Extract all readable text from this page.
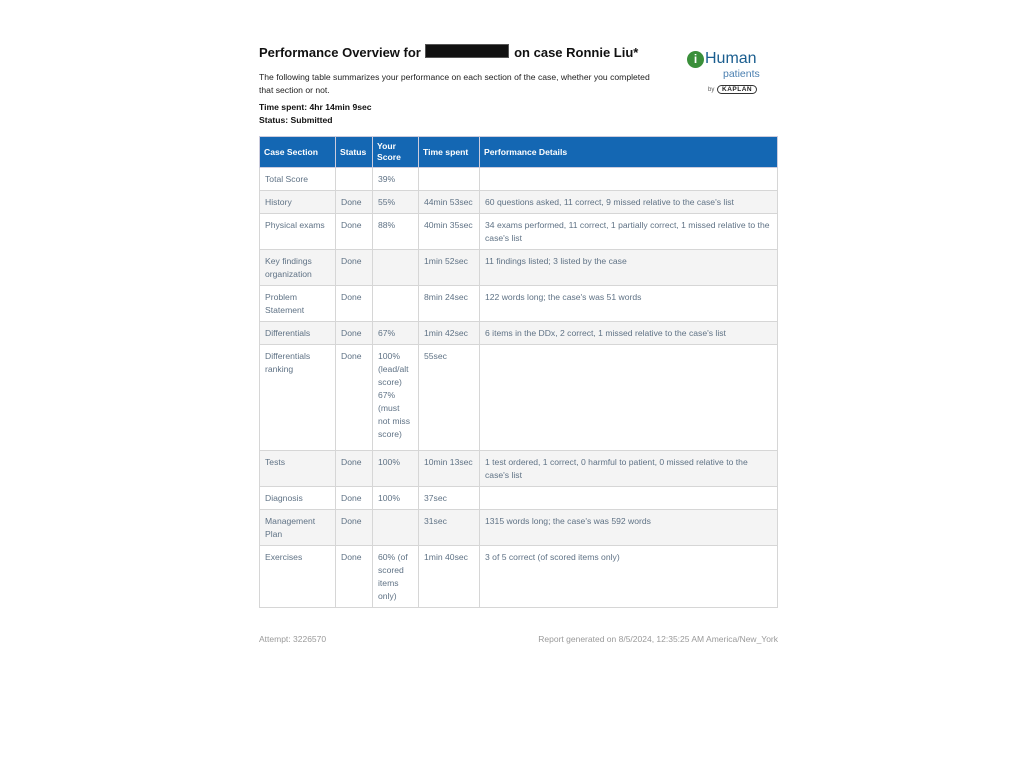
Performance Overview for	on case Ronnie Liu*
The following table summarizes your performance on each section of the case, whether you completed that section or not.
Time spent: 4hr 14min 9sec
Status: Submitted
i Human
patients
by	KAPLAN
Case Section	Status	Your Score	Time spent	Performance Details
Total Score		39%		
History	Done	55%	44min 53sec	60 questions asked, 11 correct, 9 missed relative to the case's list
Physical exams	Done	88%	40min 35sec	34 exams performed, 11 correct, 1 partially correct, 1 missed relative to the case's list
Key findings organization	Done		1min 52sec	11 findings listed; 3 listed by the case
Problem Statement	Done		8min 24sec	122 words long; the case's was 51 words
Differentials	Done	67%	1min 42sec	6 items in the DDx, 2 correct, 1 missed relative to the case's list
Differentials ranking	Done	100% (lead/alt score) 67% (must not miss score)	55sec	
Tests	Done	100%	10min 13sec	1 test ordered, 1 correct, 0 harmful to patient, 0 missed relative to the case's list
Diagnosis	Done	100%	37sec	
Management Plan	Done		31sec	1315 words long; the case's was 592 words
Exercises	Done	60% (of scored items only)	1min 40sec	3 of 5 correct (of scored items only)
Attempt: 3226570	Report generated on 8/5/2024, 12:35:25 AM America/New_York
